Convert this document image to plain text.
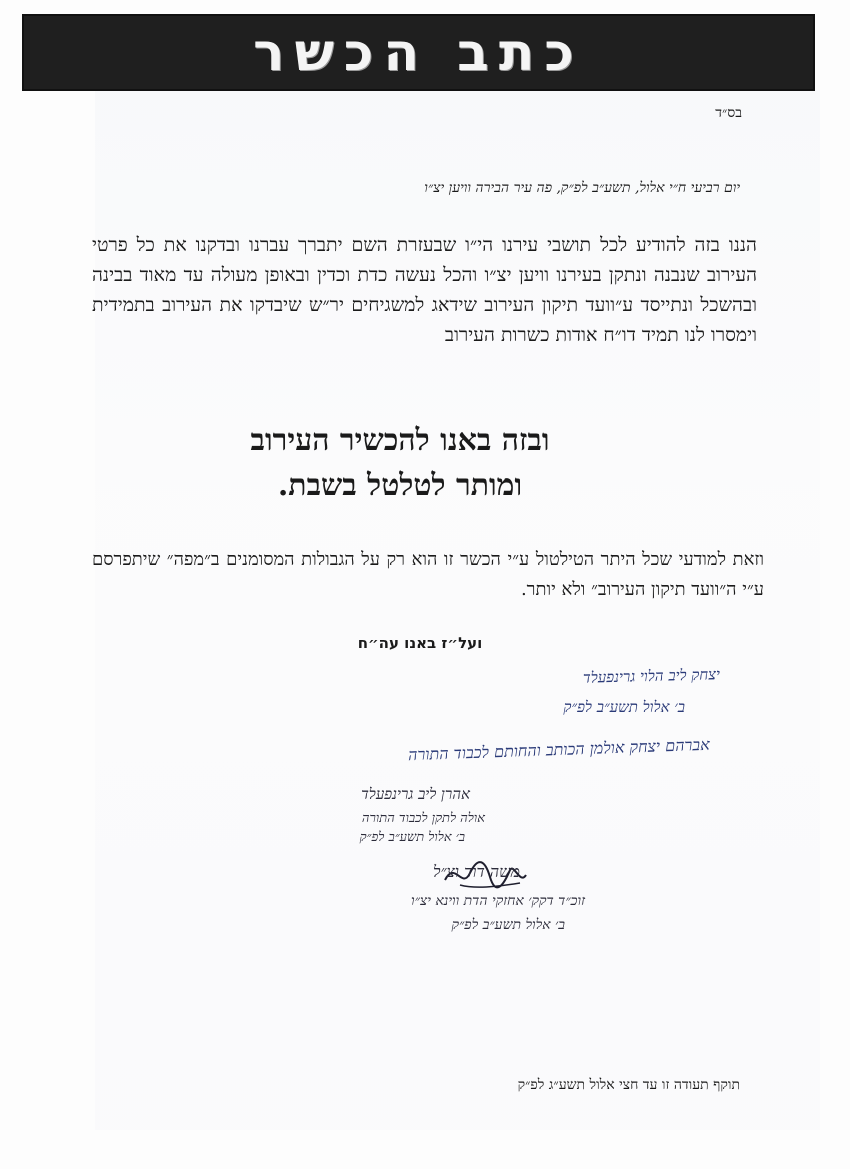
כתב הכשר
בס״ד
יום רביעי ח״י אלול, תשע״ב לפ״ק, פה עיר הבירה וויען יצ״ו
הננו בזה להודיע לכל תושבי עירנו הי״ו שבעזרת השם יתברך עברנו ובדקנו את כל פרטי העירוב שנבנה ונתקן בעירנו וויען יצ״ו והכל נעשה כדת וכדין ובאופן מעולה עד מאוד בבינה ובהשכל ונתייסד ע״וועד תיקון העירוב שידאג למשגיחים יר״ש שיבדקו את העירוב בתמידית וימסרו לנו תמיד דו״ח אודות כשרות העירוב
ובזה באנו להכשיר העירוב
ומותר לטלטל בשבת.
וזאת למודעי שכל היתר הטילטול ע״י הכשר זו הוא רק על הגבולות המסומנים ב״מפה״ שיתפרסם ע״י ה״וועד תיקון העירוב״ ולא יותר.
ועל״ז באנו עה״ח
יצחק ליב הלוי גרינפעלד
ב׳ אלול תשע״ב לפ״ק
אברהם יצחק אולמן הכותב והחותם לכבוד התורה
אהרן ליב גרינפעלד
אולה לתקן לכבוד התורה
ב׳ אלול תשע״ב לפ״ק
משה דוד וצ״ל
זוכ״ד דקק׳ אחזקי הדת ווינא יצ״ו
ב׳ אלול תשע״ב לפ״ק
תוקף תעודה זו עד חצי אלול תשע״ג לפ״ק
